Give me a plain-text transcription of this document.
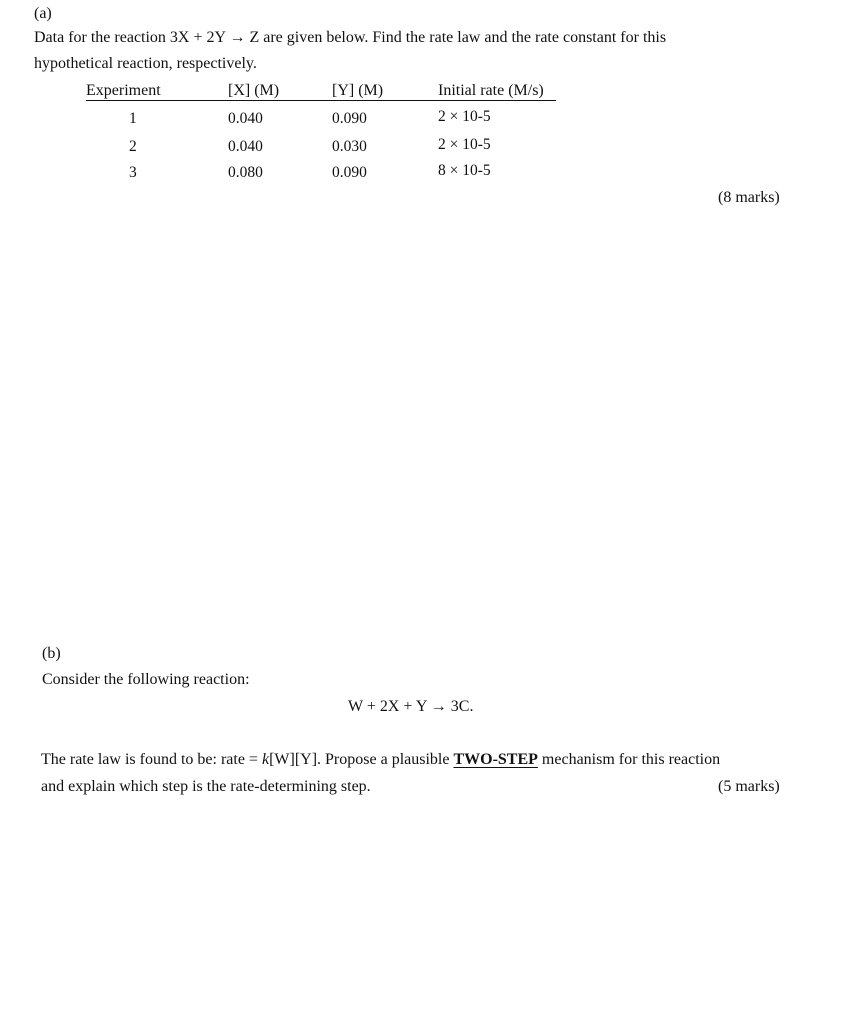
(a)
Data for the reaction 3X + 2Y → Z are given below. Find the rate law and the rate constant for this
hypothetical reaction, respectively.
Experiment	[X] (M)	[Y] (M)	Initial rate (M/s)
1	0.040	0.090	2 × 10-5
2	0.040	0.030	2 × 10-5
3	0.080	0.090	8 × 10-5
(8 marks)
(b)
Consider the following reaction:
W + 2X + Y → 3C.
The rate law is found to be: rate = k[W][Y]. Propose a plausible TWO-STEP mechanism for this reaction
and explain which step is the rate-determining step.	(5 marks)
